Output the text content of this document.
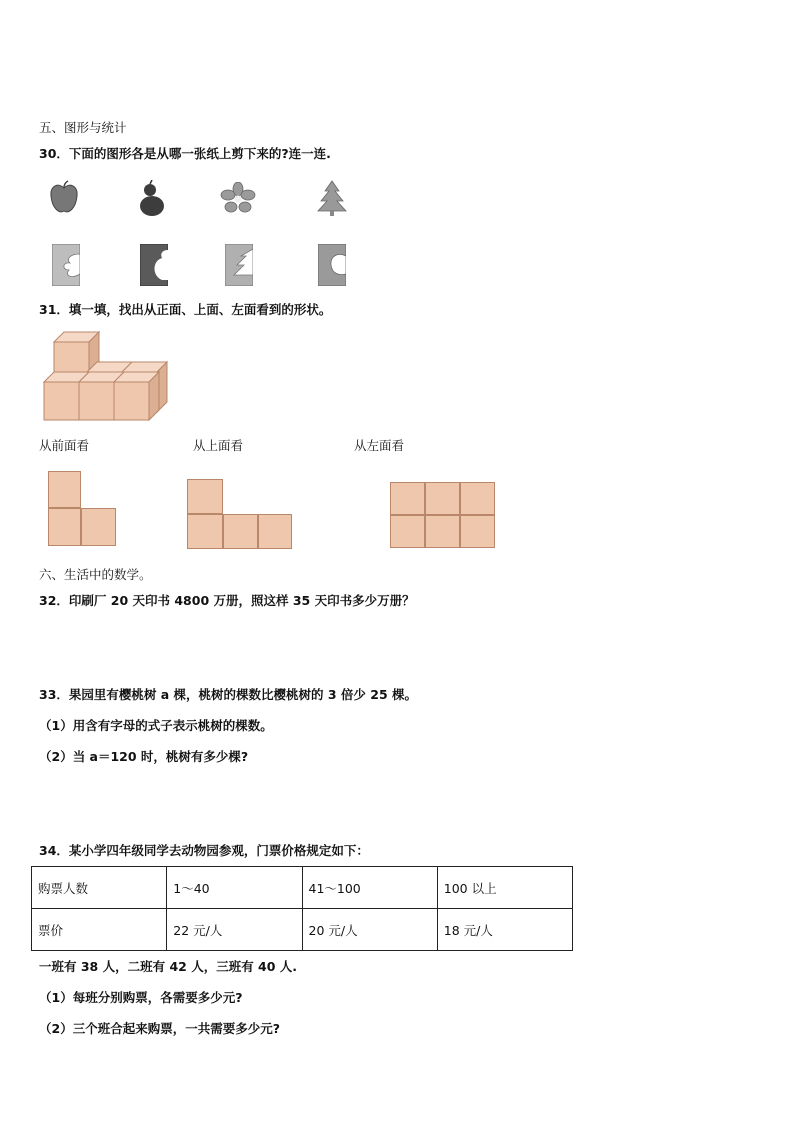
五、图形与统计
30．下面的图形各是从哪一张纸上剪下来的?连一连.
31．填一填，找出从正面、上面、左面看到的形状。
从前面看	从上面看	从左面看
六、生活中的数学。
32．印刷厂 20 天印书 4800 万册，照这样 35 天印书多少万册？
33．果园里有樱桃树 a 棵，桃树的棵数比樱桃树的 3 倍少 25 棵。
（1）用含有字母的式子表示桃树的棵数。
（2）当 a＝120 时，桃树有多少棵?
34．某小学四年级同学去动物园参观，门票价格规定如下：
购票人数	1～40	41～100	100 以上
票价	22 元/人	20 元/人	18 元/人
一班有 38 人，二班有 42 人，三班有 40 人.
（1）每班分别购票，各需要多少元?
（2）三个班合起来购票，一共需要多少元?
